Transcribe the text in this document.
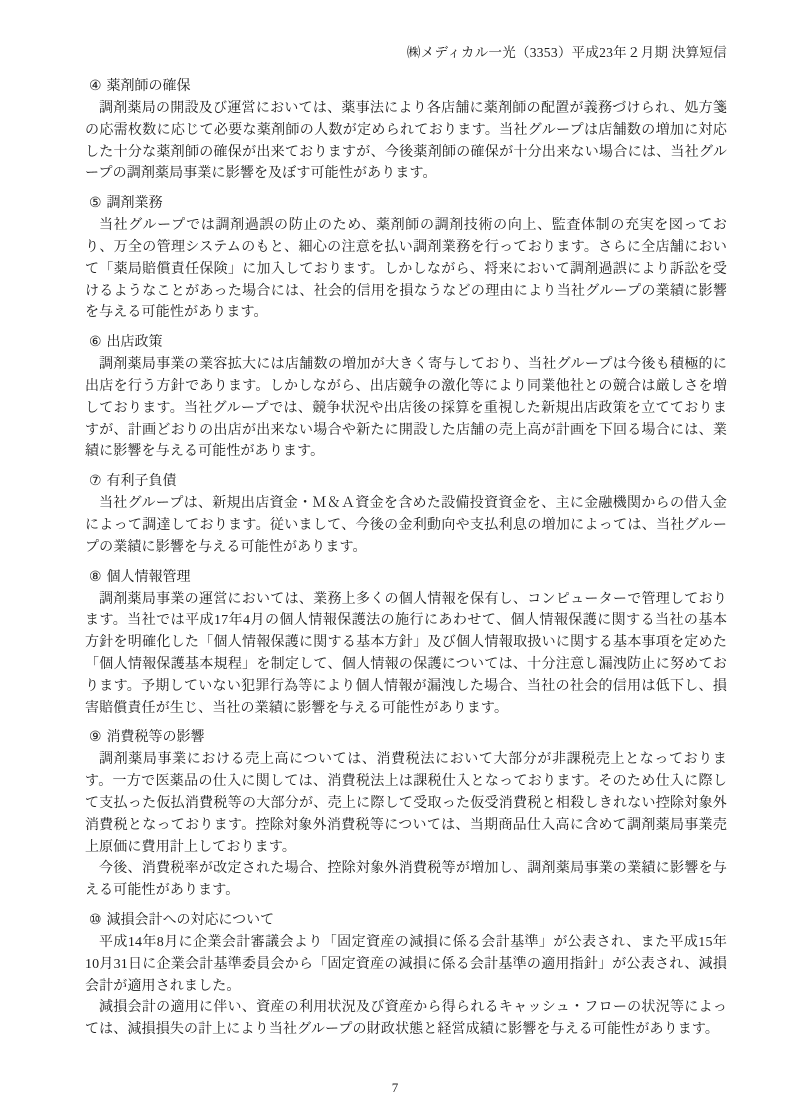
㈱メディカル一光（3353）平成23年２月期 決算短信
④ 薬剤師の確保

調剤薬局の開設及び運営においては、薬事法により各店舗に薬剤師の配置が義務づけられ、処方箋の応需枚数に応じて必要な薬剤師の人数が定められております。当社グループは店舗数の増加に対応した十分な薬剤師の確保が出来ておりますが、今後薬剤師の確保が十分出来ない場合には、当社グループの調剤薬局事業に影響を及ぼす可能性があります。

⑤ 調剤業務

当社グループでは調剤過誤の防止のため、薬剤師の調剤技術の向上、監査体制の充実を図っており、万全の管理システムのもと、細心の注意を払い調剤業務を行っております。さらに全店舗において「薬局賠償責任保険」に加入しております。しかしながら、将来において調剤過誤により訴訟を受けるようなことがあった場合には、社会的信用を損なうなどの理由により当社グループの業績に影響を与える可能性があります。

⑥ 出店政策

調剤薬局事業の業容拡大には店舗数の増加が大きく寄与しており、当社グループは今後も積極的に出店を行う方針であります。しかしながら、出店競争の激化等により同業他社との競合は厳しさを増しております。当社グループでは、競争状況や出店後の採算を重視した新規出店政策を立てておりますが、計画どおりの出店が出来ない場合や新たに開設した店舗の売上高が計画を下回る場合には、業績に影響を与える可能性があります。

⑦ 有利子負債

当社グループは、新規出店資金・Ｍ＆Ａ資金を含めた設備投資資金を、主に金融機関からの借入金によって調達しております。従いまして、今後の金利動向や支払利息の増加によっては、当社グループの業績に影響を与える可能性があります。

⑧ 個人情報管理

調剤薬局事業の運営においては、業務上多くの個人情報を保有し、コンピューターで管理しております。当社では平成17年4月の個人情報保護法の施行にあわせて、個人情報保護に関する当社の基本方針を明確化した「個人情報保護に関する基本方針」及び個人情報取扱いに関する基本事項を定めた「個人情報保護基本規程」を制定して、個人情報の保護については、十分注意し漏洩防止に努めております。予期していない犯罪行為等により個人情報が漏洩した場合、当社の社会的信用は低下し、損害賠償責任が生じ、当社の業績に影響を与える可能性があります。

⑨ 消費税等の影響

調剤薬局事業における売上高については、消費税法において大部分が非課税売上となっております。一方で医薬品の仕入に関しては、消費税法上は課税仕入となっております。そのため仕入に際して支払った仮払消費税等の大部分が、売上に際して受取った仮受消費税と相殺しきれない控除対象外消費税となっております。控除対象外消費税等については、当期商品仕入高に含めて調剤薬局事業売上原価に費用計上しております。

今後、消費税率が改定された場合、控除対象外消費税等が増加し、調剤薬局事業の業績に影響を与える可能性があります。

⑩ 減損会計への対応について

平成14年8月に企業会計審議会より「固定資産の減損に係る会計基準」が公表され、また平成15年10月31日に企業会計基準委員会から「固定資産の減損に係る会計基準の適用指針」が公表され、減損会計が適用されました。

減損会計の適用に伴い、資産の利用状況及び資産から得られるキャッシュ・フローの状況等によっては、減損損失の計上により当社グループの財政状態と経営成績に影響を与える可能性があります。

7
